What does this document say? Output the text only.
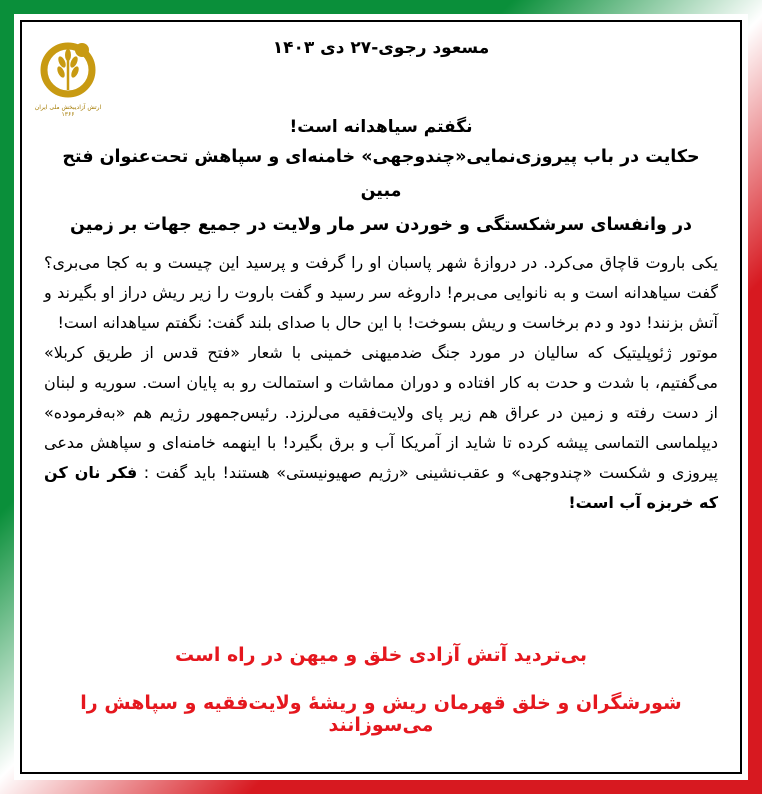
ارتش آزادیبخش ملی ایران
۱۳۶۶
مسعود رجوی-۲۷ دی ۱۴۰۳
نگفتم سیاهدانه است!
حکایت در باب پیروزی‌نمایی«چندوجهی» خامنه‌ای و سپاهش تحت‌عنوان فتح مبین
در وانفسای سرشکستگی و خوردن سر مار ولایت در جمیع جهات بر زمین

یکی باروت قاچاق می‌کرد. در دروازهٔ شهر پاسبان او را گرفت و پرسید این چیست و به کجا می‌بری؟ گفت سیاهدانه است و به نانوایی می‌برم! داروغه سر رسید و گفت باروت را زیر ریش دراز او بگیرند و آتش بزنند! دود و دم برخاست و ریش بسوخت! با این حال با صدای بلند گفت: نگفتم سیاهدانه است!

موتور ژئوپلیتیک که سالیان در مورد جنگ ضدمیهنی خمینی با شعار «فتح قدس از طریق کربلا» می‌گفتیم، با شدت و حدت به کار افتاده و دوران مماشات و استمالت رو به پایان است. سوریه و لبنان از دست رفته و زمین در عراق هم زیر پای ولایت‌فقیه می‌لرزد. رئیس‌جمهور رژیم هم «به‌فرموده» دیپلماسی التماسی پیشه کرده تا شاید از آمریکا آب و برق بگیرد! با اینهمه خامنه‌ای و سپاهش مدعی پیروزی و شکست «چندوجهی» و عقب‌نشینی «رژیم صهیونیستی» هستند! باید گفت : فکر نان کن که خربزه آب است!

بی‌تردید آتش آزادی خلق و میهن در راه است
شورشگران و خلق قهرمان ریش و ریشهٔ ولایت‌فقیه و سپاهش را می‌سوزانند
